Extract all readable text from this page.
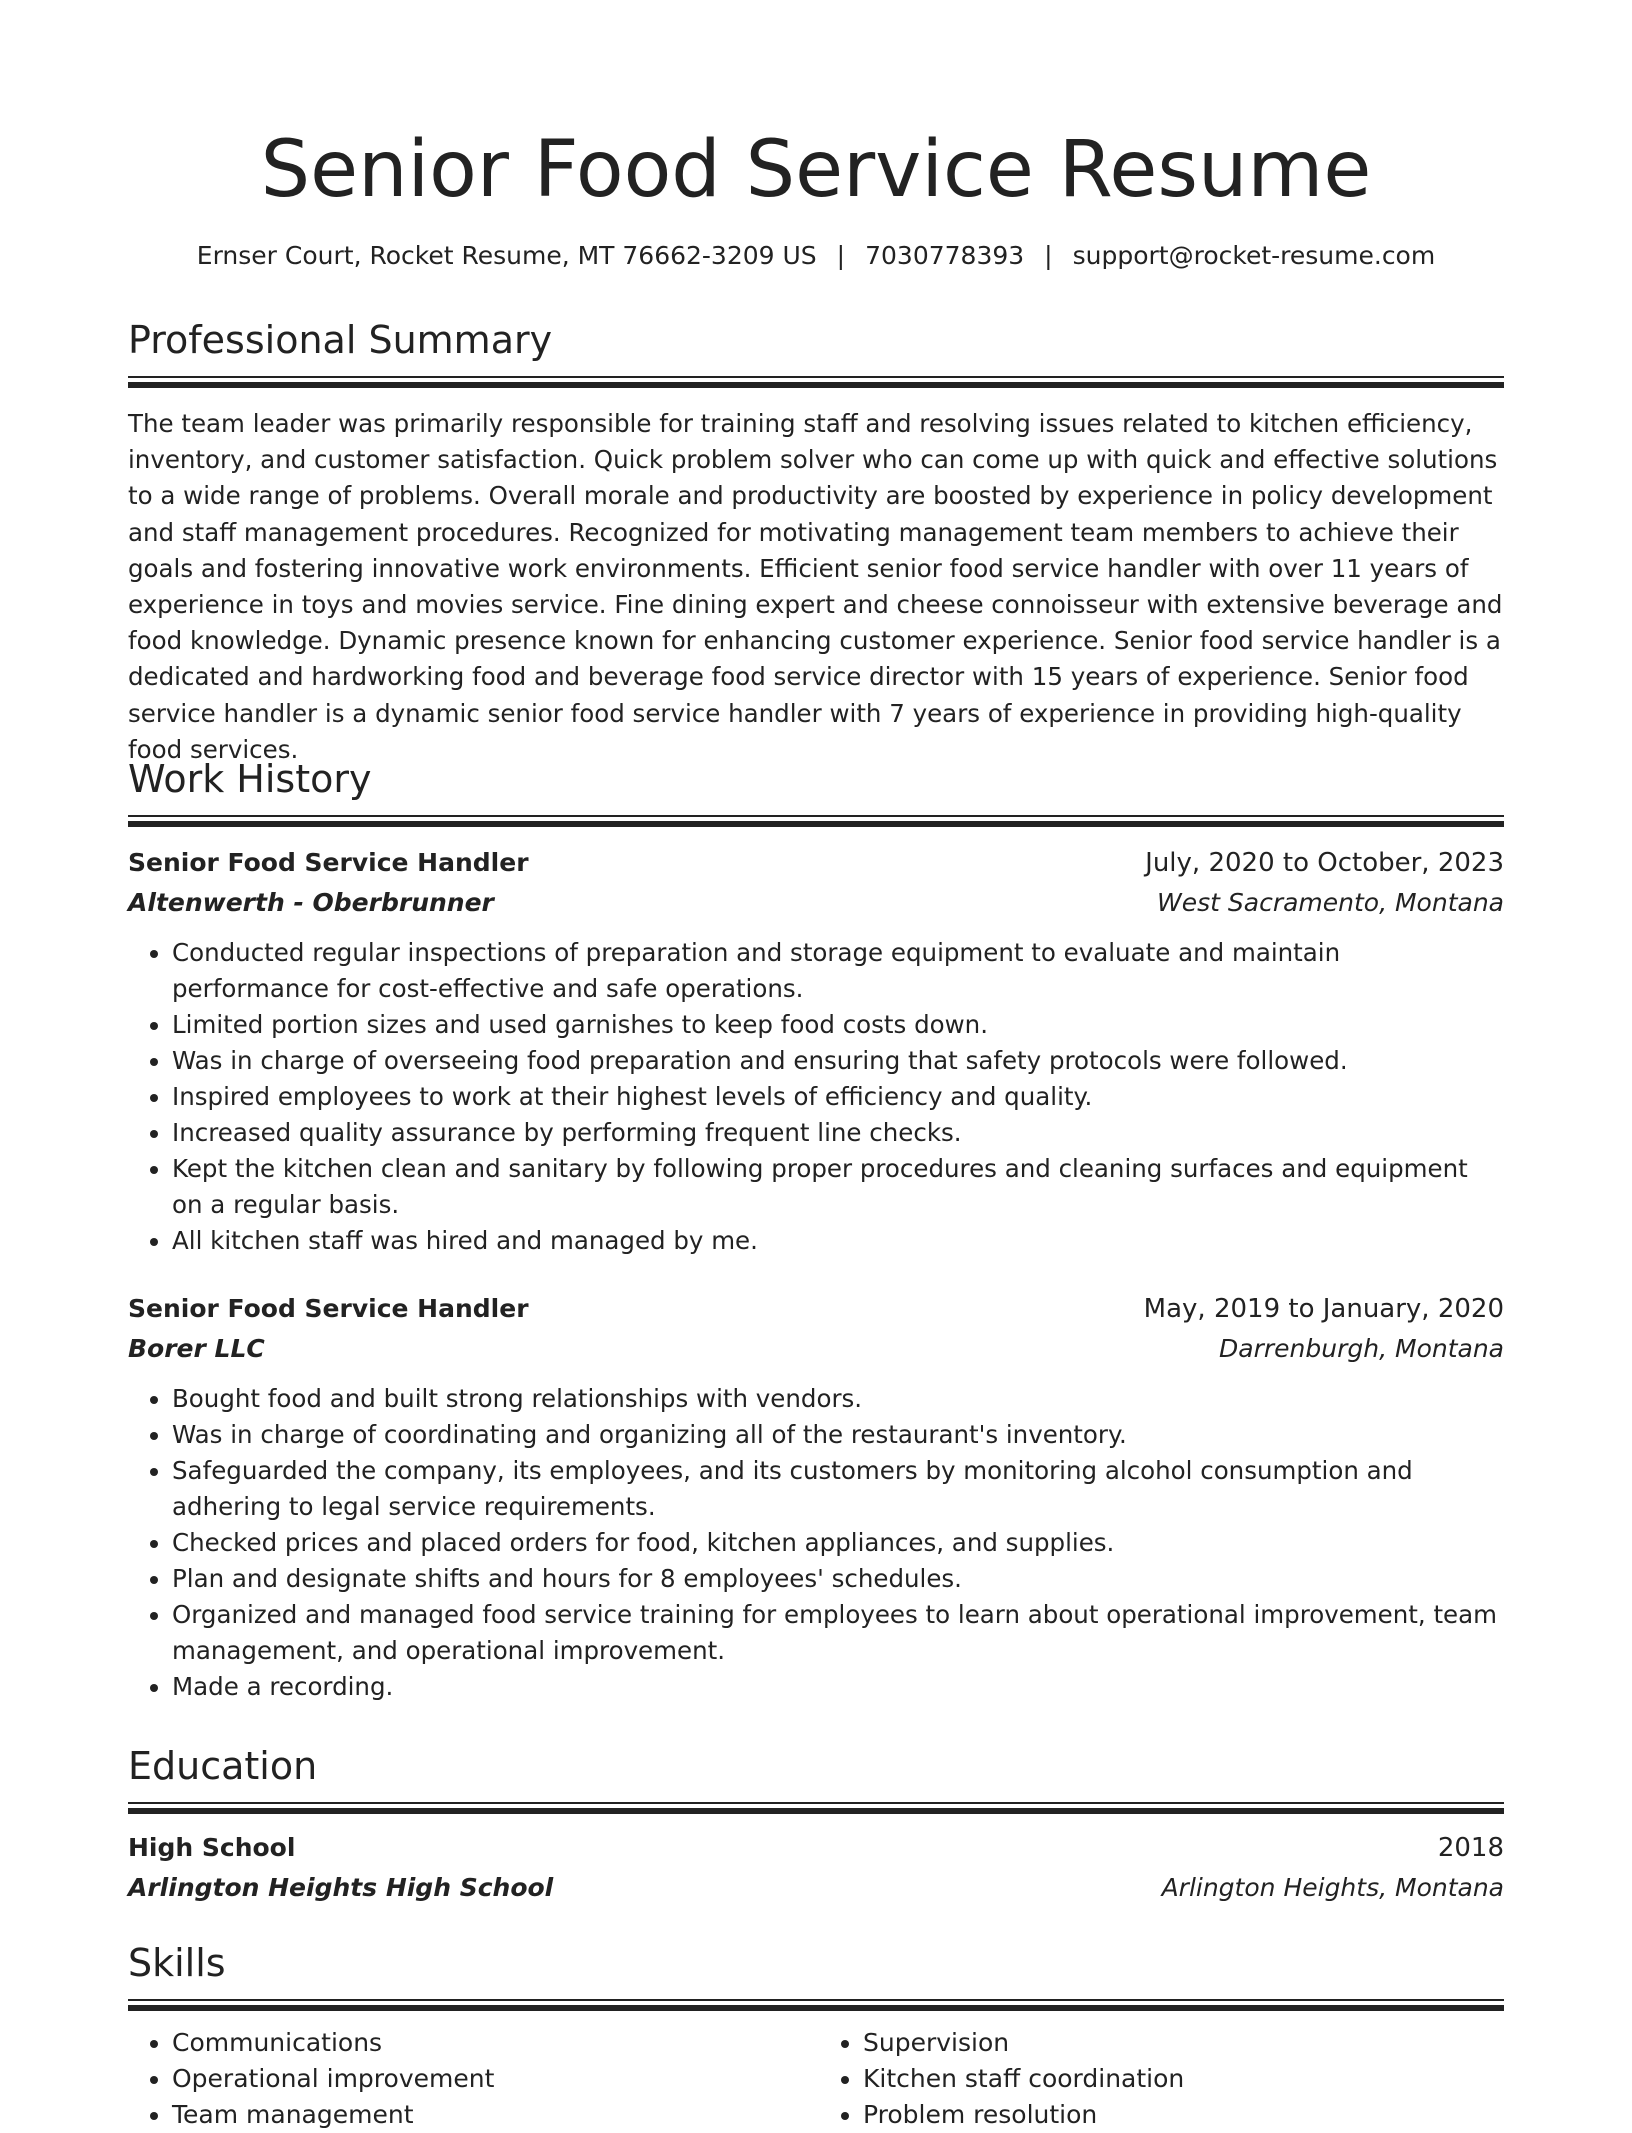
Senior Food Service Resume
Ernser Court, Rocket Resume, MT 76662-3209 US | 7030778393 | support@rocket-resume.com
Professional Summary
The team leader was primarily responsible for training staff and resolving issues related to kitchen efficiency, inventory, and customer satisfaction. Quick problem solver who can come up with quick and effective solutions to a wide range of problems. Overall morale and productivity are boosted by experience in policy development and staff management procedures. Recognized for motivating management team members to achieve their goals and fostering innovative work environments. Efficient senior food service handler with over 11 years of experience in toys and movies service. Fine dining expert and cheese connoisseur with extensive beverage and food knowledge. Dynamic presence known for enhancing customer experience. Senior food service handler is a dedicated and hardworking food and beverage food service director with 15 years of experience. Senior food service handler is a dynamic senior food service handler with 7 years of experience in providing high-quality food services.
Work History
Senior Food Service Handler	July, 2020 to October, 2023
Altenwerth - Oberbrunner	West Sacramento, Montana
• Conducted regular inspections of preparation and storage equipment to evaluate and maintain performance for cost-effective and safe operations.
• Limited portion sizes and used garnishes to keep food costs down.
• Was in charge of overseeing food preparation and ensuring that safety protocols were followed.
• Inspired employees to work at their highest levels of efficiency and quality.
• Increased quality assurance by performing frequent line checks.
• Kept the kitchen clean and sanitary by following proper procedures and cleaning surfaces and equipment on a regular basis.
• All kitchen staff was hired and managed by me.
Senior Food Service Handler	May, 2019 to January, 2020
Borer LLC	Darrenburgh, Montana
• Bought food and built strong relationships with vendors.
• Was in charge of coordinating and organizing all of the restaurant's inventory.
• Safeguarded the company, its employees, and its customers by monitoring alcohol consumption and adhering to legal service requirements.
• Checked prices and placed orders for food, kitchen appliances, and supplies.
• Plan and designate shifts and hours for 8 employees' schedules.
• Organized and managed food service training for employees to learn about operational improvement, team management, and operational improvement.
• Made a recording.
Education
High School	2018
Arlington Heights High School	Arlington Heights, Montana
Skills
• Communications
• Operational improvement
• Team management
• Supervision
• Kitchen staff coordination
• Problem resolution
